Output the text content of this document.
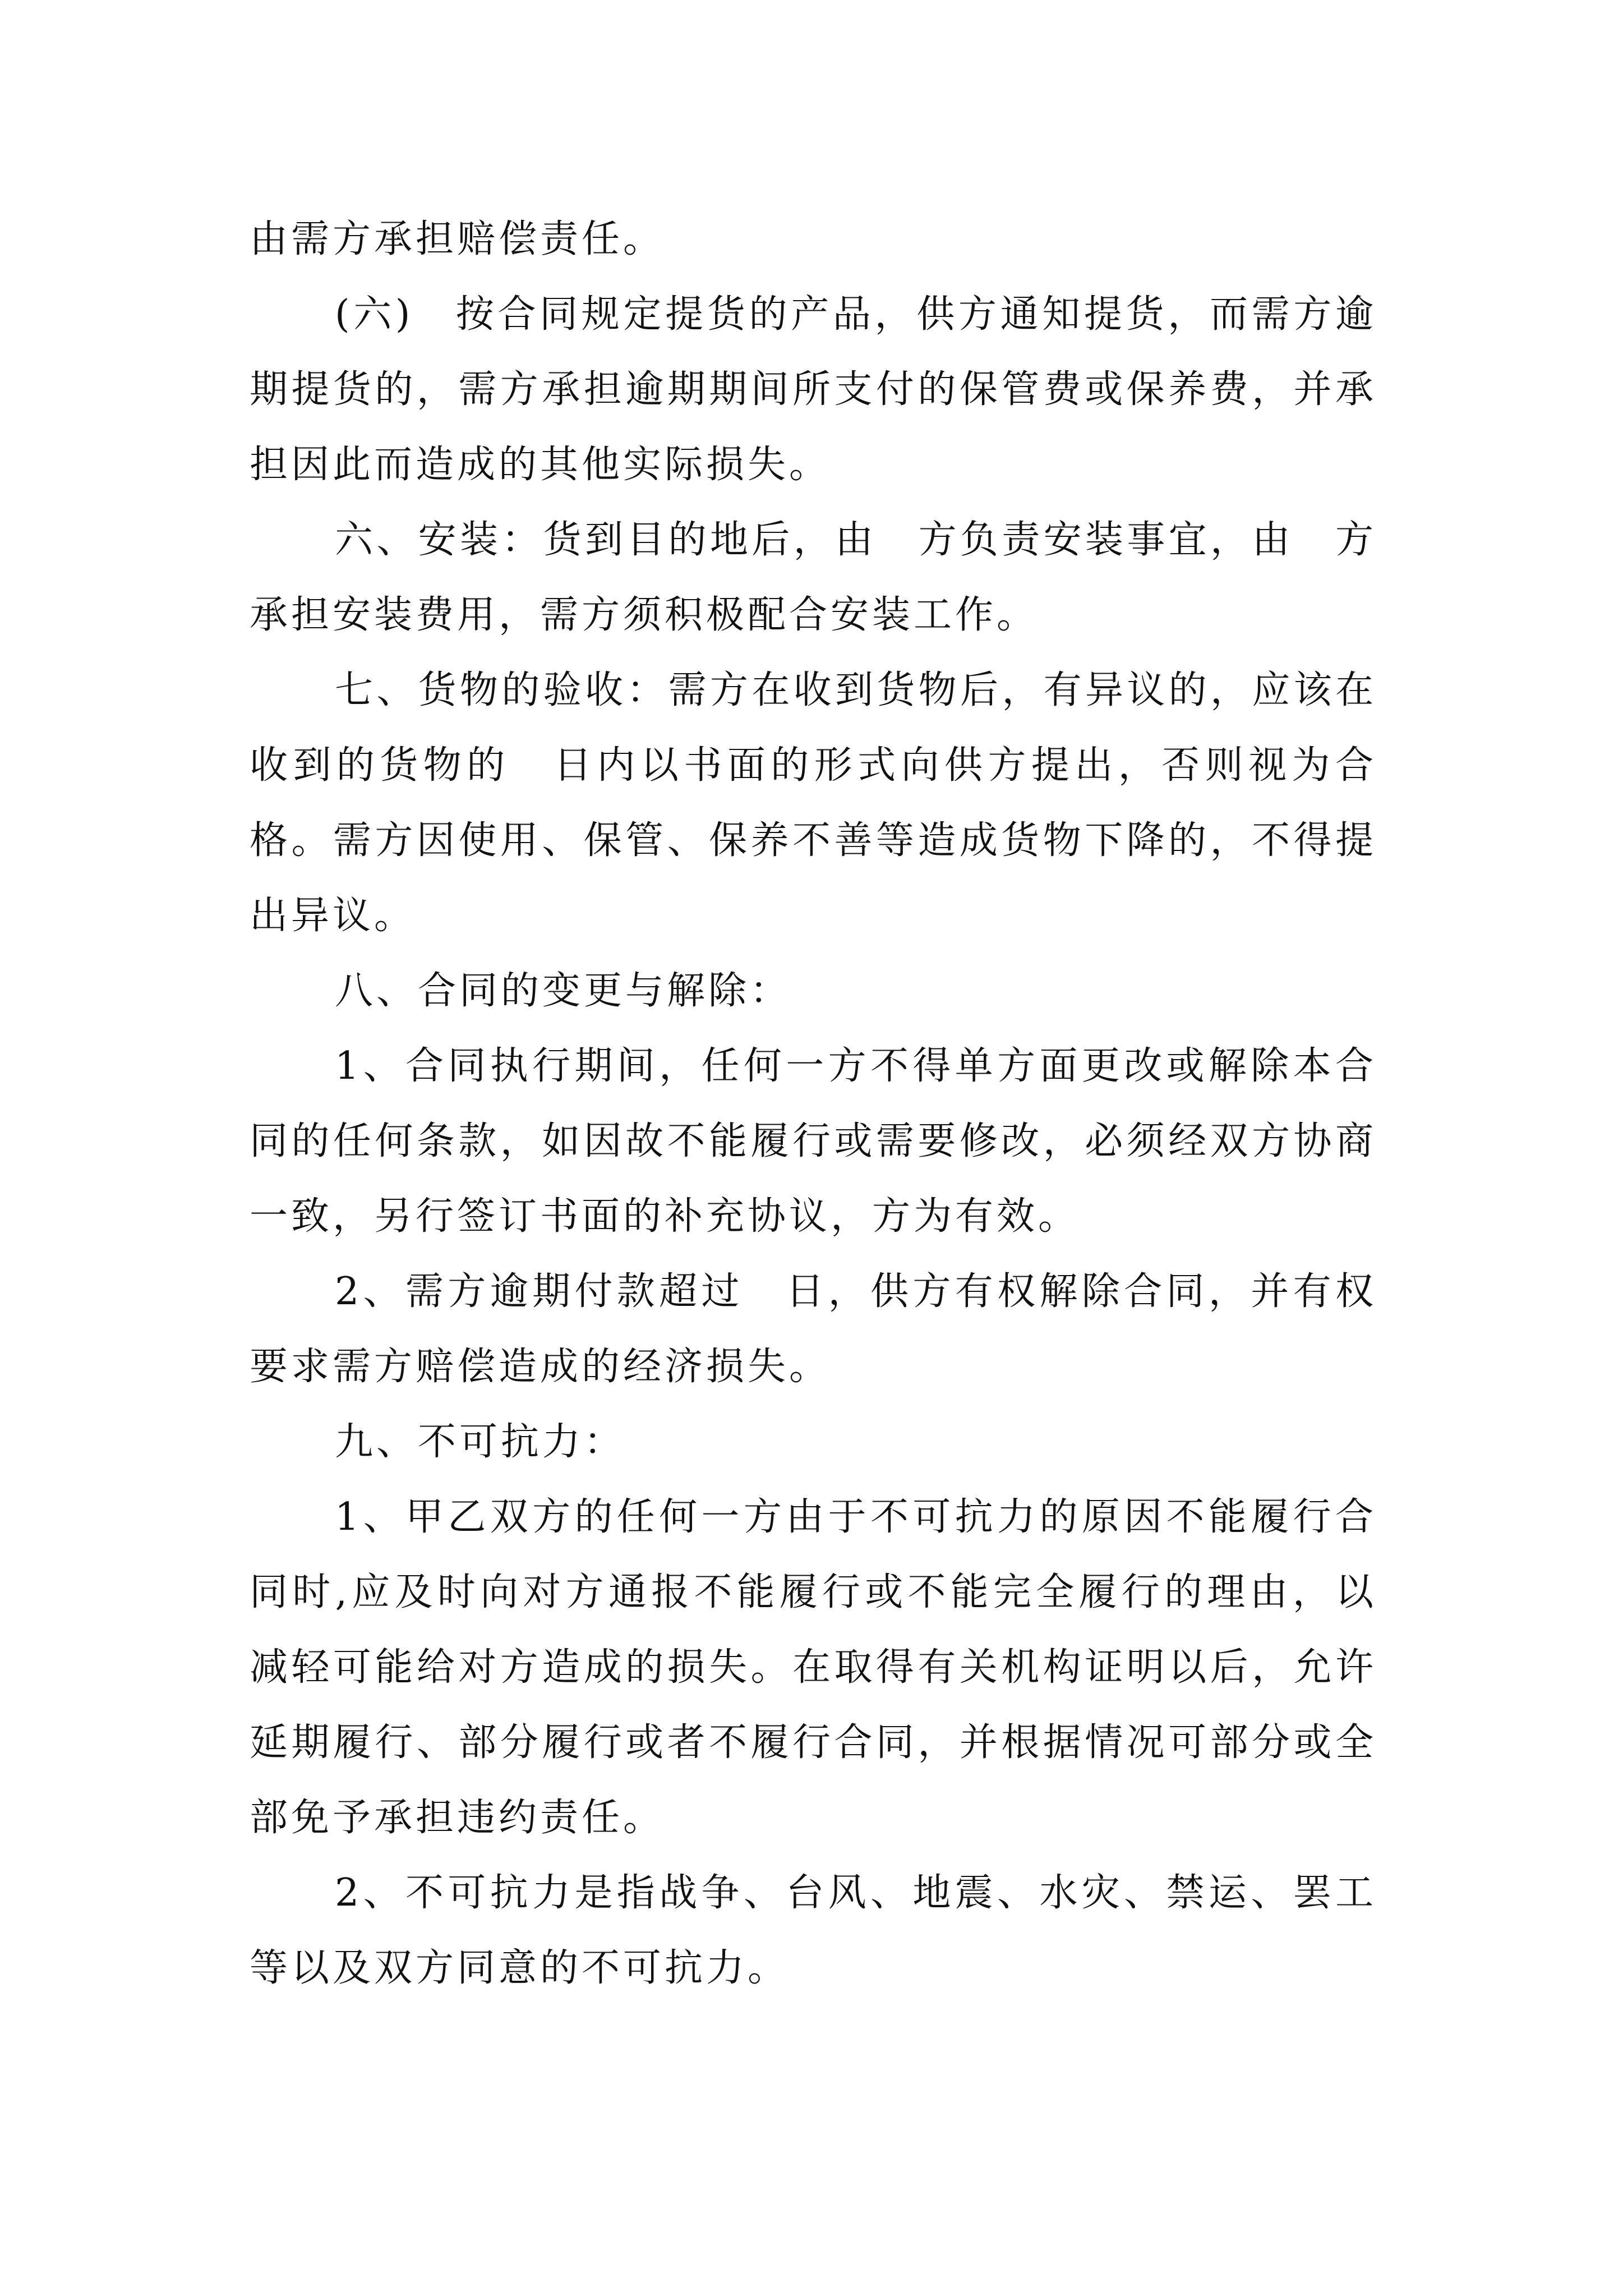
由需方承担赔偿责任。

(六)　按合同规定提货的产品，供方通知提货，而需方逾期提货的，需方承担逾期期间所支付的保管费或保养费，并承担因此而造成的其他实际损失。

六、安装：货到目的地后，由　方负责安装事宜，由　方承担安装费用，需方须积极配合安装工作。

七、货物的验收：需方在收到货物后，有异议的，应该在收到的货物的　日内以书面的形式向供方提出，否则视为合格。需方因使用、保管、保养不善等造成货物下降的，不得提出异议。

八、合同的变更与解除：

1、合同执行期间，任何一方不得单方面更改或解除本合同的任何条款，如因故不能履行或需要修改，必须经双方协商一致，另行签订书面的补充协议，方为有效。

2、需方逾期付款超过　日，供方有权解除合同，并有权要求需方赔偿造成的经济损失。

九、不可抗力：

1、甲乙双方的任何一方由于不可抗力的原因不能履行合同时,应及时向对方通报不能履行或不能完全履行的理由，以减轻可能给对方造成的损失。在取得有关机构证明以后，允许延期履行、部分履行或者不履行合同，并根据情况可部分或全部免予承担违约责任。

2、不可抗力是指战争、台风、地震、水灾、禁运、罢工等以及双方同意的不可抗力。
